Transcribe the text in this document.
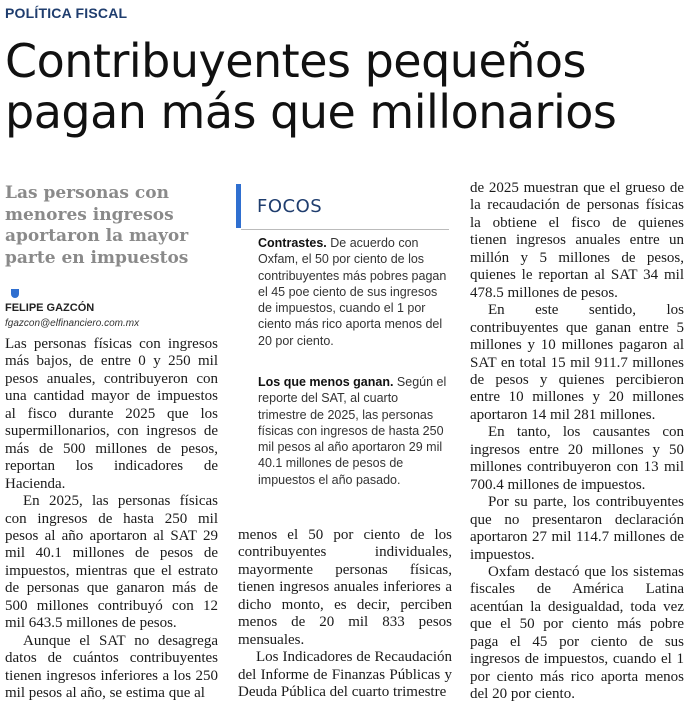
POLÍTICA FISCAL
Contribuyentes pequeños pagan más que millonarios
Las personas con menores ingresos aportaron la mayor parte en impuestos
FELIPE GAZCÓN
fgazcon@elfinanciero.com.mx

Las personas físicas con ingresos más bajos, de entre 0 y 250 mil pesos anuales, contribuyeron con una cantidad mayor de impuestos al fisco durante 2025 que los supermillonarios, con ingresos de más de 500 millones de pesos, reportan los indicadores de Hacienda.

En 2025, las personas físicas con ingresos de hasta 250 mil pesos al año aportaron al SAT 29 mil 40.1 millones de pesos de impuestos, mientras que el estrato de personas que ganaron más de 500 millones contribuyó con 12 mil 643.5 millones de pesos.

Aunque el SAT no desagrega datos de cuántos contribuyentes tienen ingresos inferiores a los 250 mil pesos al año, se estima que al

FOCOS
Contrastes. De acuerdo con Oxfam, el 50 por ciento de los contribuyentes más pobres pagan el 45 poe ciento de sus ingresos de impuestos, cuando el 1 por ciento más rico aporta menos del 20 por ciento.
Los que menos ganan. Según el reporte del SAT, al cuarto trimestre de 2025, las personas físicas con ingresos de hasta 250 mil pesos al año aportaron 29 mil 40.1 millones de pesos de impuestos el año pasado.

menos el 50 por ciento de los contribuyentes individuales, mayormente personas físicas, tienen ingresos anuales inferiores a dicho monto, es decir, perciben menos de 20 mil 833 pesos mensuales.

Los Indicadores de Recaudación del Informe de Finanzas Públicas y Deuda Pública del cuarto trimestre

de 2025 muestran que el grueso de la recaudación de personas físicas la obtiene el fisco de quienes tienen ingresos anuales entre un millón y 5 millones de pesos, quienes le reportan al SAT 34 mil 478.5 millones de pesos.

En este sentido, los contribuyentes que ganan entre 5 millones y 10 millones pagaron al SAT en total 15 mil 911.7 millones de pesos y quienes percibieron entre 10 millones y 20 millones aportaron 14 mil 281 millones.

En tanto, los causantes con ingresos entre 20 millones y 50 millones contribuyeron con 13 mil 700.4 millones de impuestos.

Por su parte, los contribuyentes que no presentaron declaración aportaron 27 mil 114.7 millones de impuestos.

Oxfam destacó que los sistemas fiscales de América Latina acentúan la desigualdad, toda vez que el 50 por ciento más pobre paga el 45 por ciento de sus ingresos de impuestos, cuando el 1 por ciento más rico aporta menos del 20 por ciento.
